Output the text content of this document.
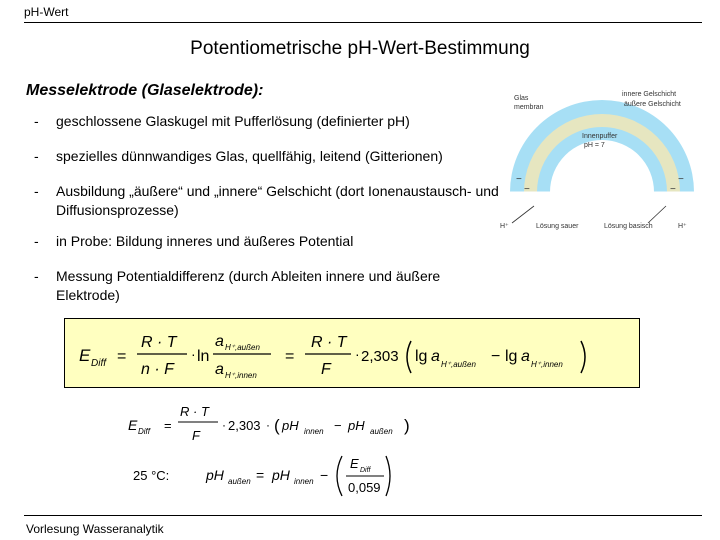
pH-Wert
Potentiometrische pH-Wert-Bestimmung
Messelektrode (Glaselektrode):
- geschlossene Glaskugel mit Pufferlösung (definierter pH)
- spezielles dünnwandiges Glas, quellfähig, leitend (Gitterionen)
- Ausbildung „äußere“ und „innere“ Gelschicht (dort Ionenaustausch- und Diffusionsprozesse)
- in Probe: Bildung inneres und äußeres Potential
- Messung Potentialdifferenz (durch Ableiten innere und äußere Elektrode)
Glas
membran
innere Gelschicht
äußere Gelschicht
Innenpuffer
pH = 7
−
−
−
−
H⁺	Lösung sauer	Lösung basisch	H⁺
E Diff =
R · T
n · F
· ln
a H⁺,außen
a H⁺,innen
=
R · T
F
· 2,303 lg a H⁺,außen − lg a H⁺,innen
E Diff =
R · T
F
· 2,303 · ( pH innen − pH außen )
25 °C:	pH außen = pH innen −
E Diff
0,059
Vorlesung Wasseranalytik
